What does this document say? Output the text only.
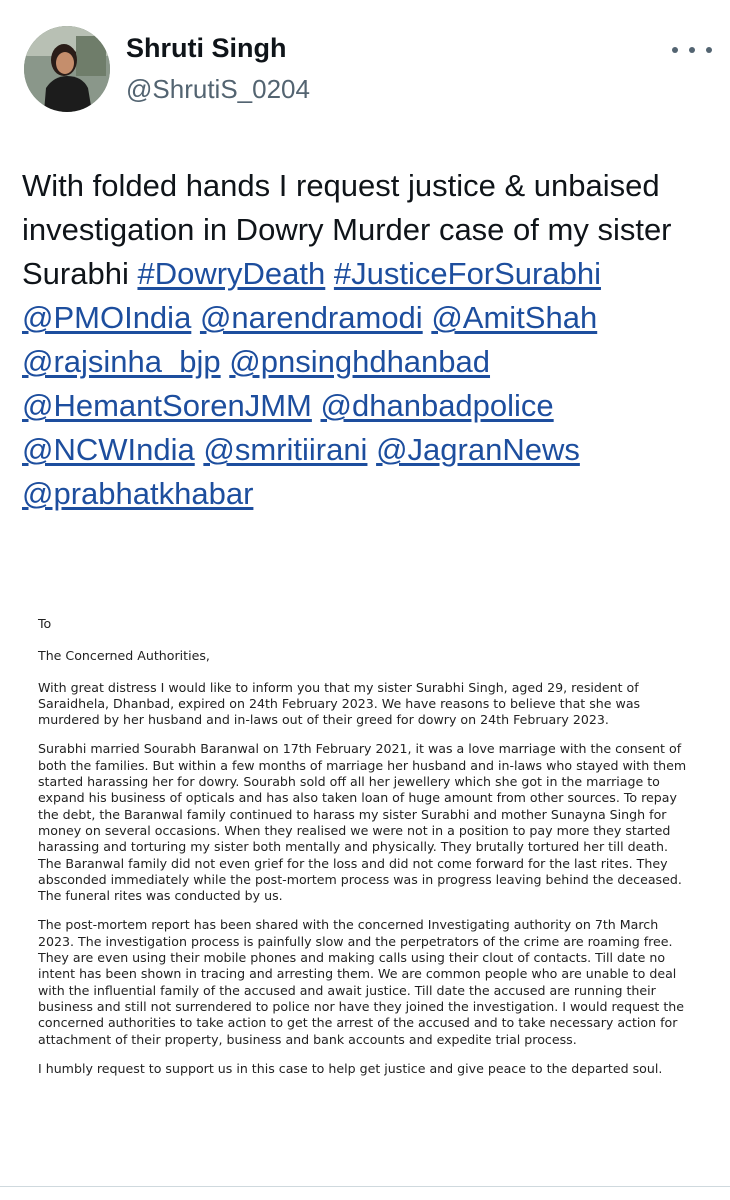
Shruti Singh
@ShrutiS_0204
With folded hands I request justice & unbaised investigation in Dowry Murder case of my sister Surabhi #DowryDeath #JusticeForSurabhi @PMOIndia @narendramodi @AmitShah @rajsinha_bjp @pnsinghdhanbad @HemantSorenJMM @dhanbadpolice @NCWIndia @smritiirani @JagranNews @prabhatkhabar

To

The Concerned Authorities,

With great distress I would like to inform you that my sister Surabhi Singh, aged 29, resident of Saraidhela, Dhanbad, expired on 24th February 2023. We have reasons to believe that she was murdered by her husband and in-laws out of their greed for dowry on 24th February 2023.

Surabhi married Sourabh Baranwal on 17th February 2021, it was a love marriage with the consent of both the families. But within a few months of marriage her husband and in-laws who stayed with them started harassing her for dowry. Sourabh sold off all her jewellery which she got in the marriage to expand his business of opticals and has also taken loan of huge amount from other sources. To repay the debt, the Baranwal family continued to harass my sister Surabhi and mother Sunayna Singh for money on several occasions. When they realised we were not in a position to pay more they started harassing and torturing my sister both mentally and physically. They brutally tortured her till death. The Baranwal family did not even grief for the loss and did not come forward for the last rites. They absconded immediately while the post-mortem process was in progress leaving behind the deceased. The funeral rites was conducted by us.

The post-mortem report has been shared with the concerned Investigating authority on 7th March 2023. The investigation process is painfully slow and the perpetrators of the crime are roaming free. They are even using their mobile phones and making calls using their clout of contacts. Till date no intent has been shown in tracing and arresting them. We are common people who are unable to deal with the influential family of the accused and await justice. Till date the accused are running their business and still not surrendered to police nor have they joined the investigation. I would request the concerned authorities to take action to get the arrest of the accused and to take necessary action for attachment of their property, business and bank accounts and expedite trial process.

I humbly request to support us in this case to help get justice and give peace to the departed soul.
